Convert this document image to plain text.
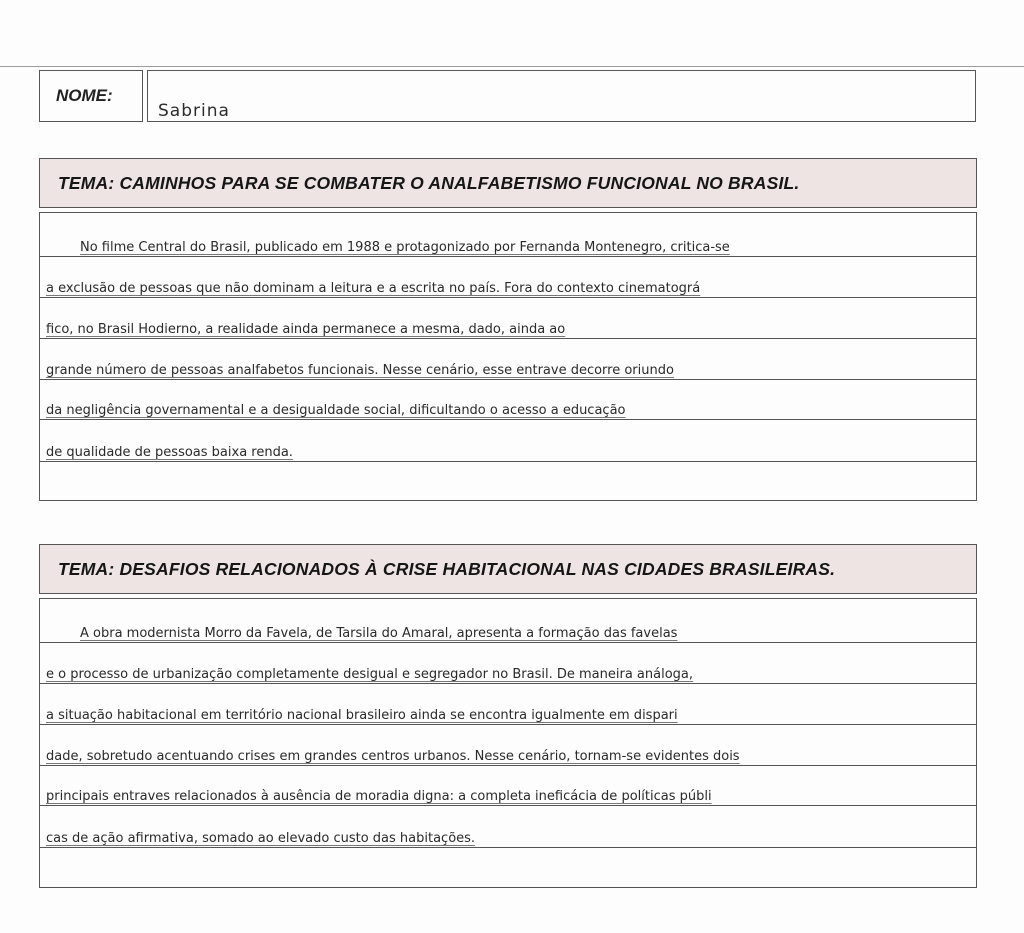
NOME:
Sabrina
TEMA: CAMINHOS PARA SE COMBATER O ANALFABETISMO FUNCIONAL NO BRASIL.
No filme Central do Brasil, publicado em 1988 e protagonizado por Fernanda Montenegro, critica-se
a exclusão de pessoas que não dominam a leitura e a escrita no país. Fora do contexto cinematográ
fico, no Brasil Hodierno, a realidade ainda permanece a mesma, dado, ainda ao
grande número de pessoas analfabetos funcionais. Nesse cenário, esse entrave decorre oriundo
da negligência governamental e a desigualdade social, dificultando o acesso a educação
de qualidade de pessoas baixa renda.
TEMA: DESAFIOS RELACIONADOS À CRISE HABITACIONAL NAS CIDADES BRASILEIRAS.
A obra modernista Morro da Favela, de Tarsila do Amaral, apresenta a formação das favelas
e o processo de urbanização completamente desigual e segregador no Brasil. De maneira análoga,
a situação habitacional em território nacional brasileiro ainda se encontra igualmente em dispari
dade, sobretudo acentuando crises em grandes centros urbanos. Nesse cenário, tornam-se evidentes dois
principais entraves relacionados à ausência de moradia digna: a completa ineficácia de políticas públi
cas de ação afirmativa, somado ao elevado custo das habitações.
